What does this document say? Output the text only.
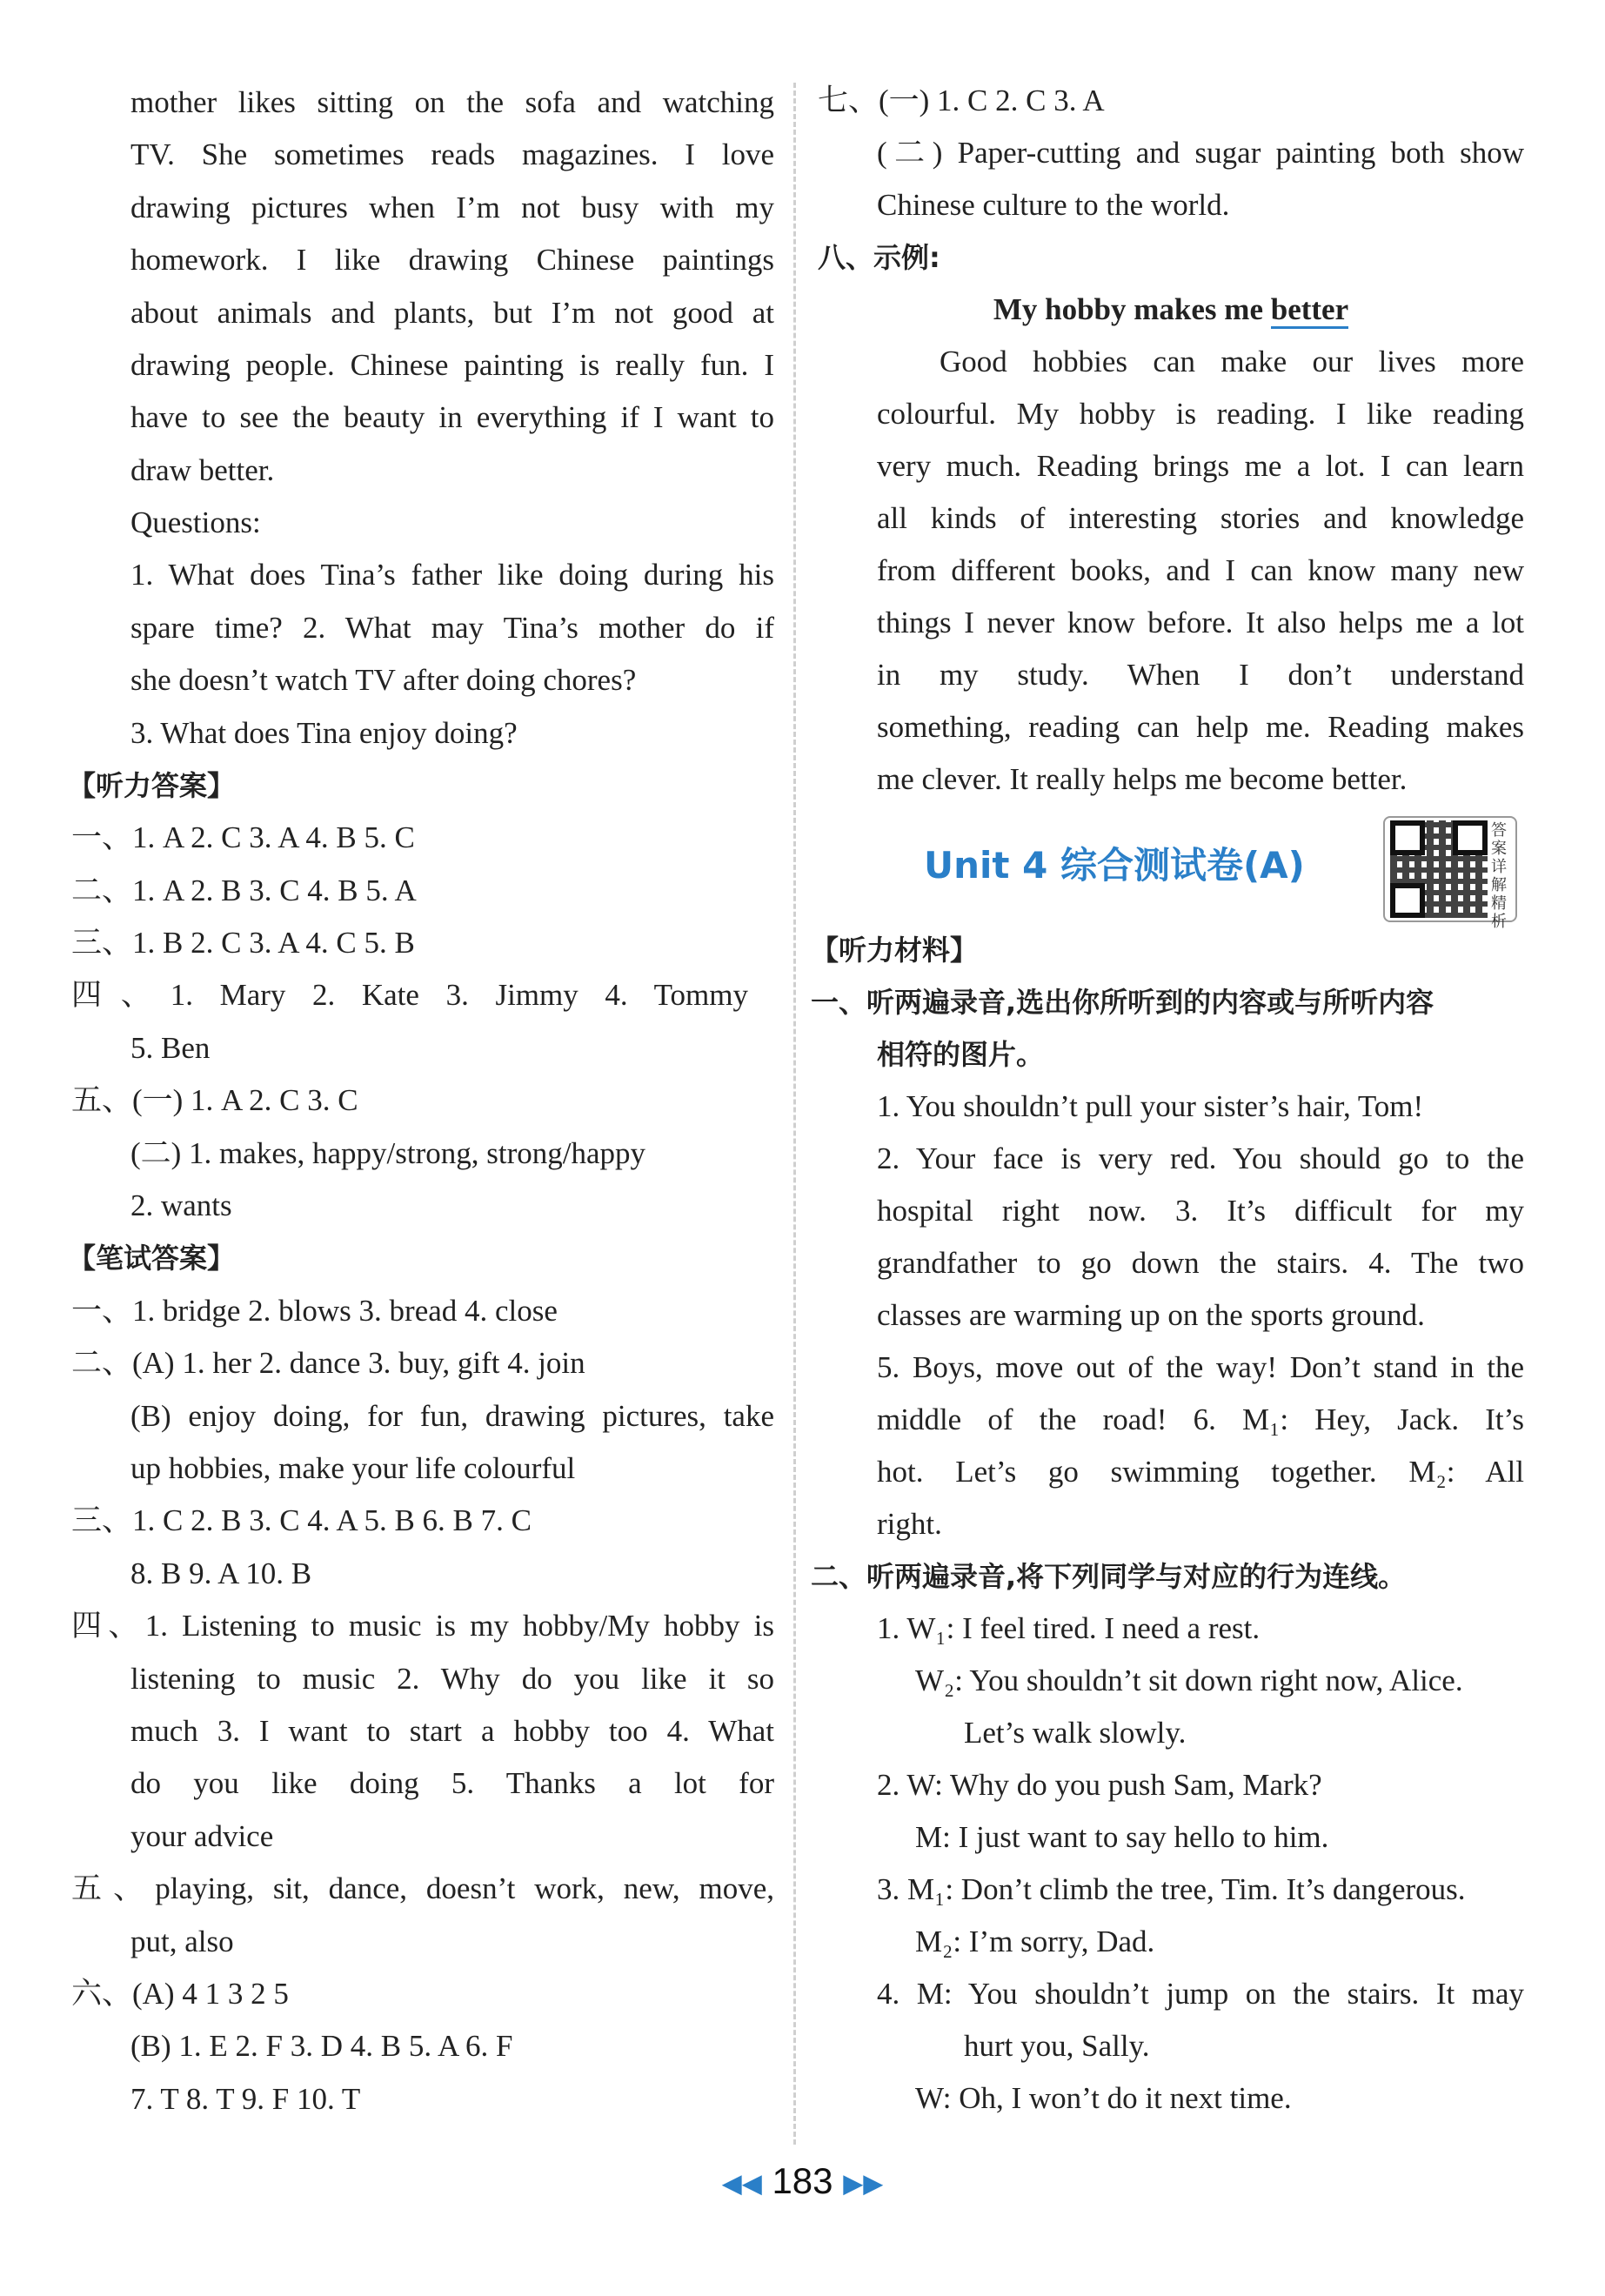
mother likes sitting on the sofa and watching
TV. She sometimes reads magazines. I love
drawing pictures when I’m not busy with my
homework. I like drawing Chinese paintings
about animals and plants, but I’m not good at
drawing people. Chinese painting is really fun. I
have to see the beauty in everything if I want to
draw better.
Questions:
1. What does Tina’s father like doing during his
spare time? 2. What may Tina’s mother do if
she doesn’t watch TV after doing chores?
3. What does Tina enjoy doing?
【听力答案】
一、1. A 2. C 3. A 4. B 5. C
二、1. A 2. B 3. C 4. B 5. A
三、1. B 2. C 3. A 4. C 5. B
四、1. Mary 2. Kate 3. Jimmy 4. Tommy
5. Ben
五、(一) 1. A 2. C 3. C
(二) 1. makes, happy/strong, strong/happy
2. wants
【笔试答案】
一、1. bridge 2. blows 3. bread 4. close
二、(A) 1. her 2. dance 3. buy, gift 4. join
(B) enjoy doing, for fun, drawing pictures, take
up hobbies, make your life colourful
三、1. C 2. B 3. C 4. A 5. B 6. B 7. C
8. B 9. A 10. B
四、1. Listening to music is my hobby/My hobby is
listening to music 2. Why do you like it so
much 3. I want to start a hobby too 4. What
do you like doing 5. Thanks a lot for
your advice
五、playing, sit, dance, doesn’t work, new, move,
put, also
六、(A) 4 1 3 2 5
(B) 1. E 2. F 3. D 4. B 5. A 6. F
7. T 8. T 9. F 10. T
七、(一) 1. C 2. C 3. A
(二) Paper-cutting and sugar painting both show
Chinese culture to the world.
八、示例:
My hobby makes me better
Good hobbies can make our lives more
colourful. My hobby is reading. I like reading
very much. Reading brings me a lot. I can learn
all kinds of interesting stories and knowledge
from different books, and I can know many new
things I never know before. It also helps me a lot
in my study. When I don’t understand
something, reading can help me. Reading makes
me clever. It really helps me become better.
Unit 4 综合测试卷(A)
答案详解精析
【听力材料】
一、听两遍录音,选出你所听到的内容或与所听内容
相符的图片。
1. You shouldn’t pull your sister’s hair, Tom!
2. Your face is very red. You should go to the
hospital right now. 3. It’s difficult for my
grandfather to go down the stairs. 4. The two
classes are warming up on the sports ground.
5. Boys, move out of the way! Don’t stand in the
middle of the road! 6. M₁: Hey, Jack. It’s
hot. Let’s go swimming together. M₂: All
right.
二、听两遍录音,将下列同学与对应的行为连线。
1. W₁: I feel tired. I need a rest.
W₂: You shouldn’t sit down right now, Alice.
Let’s walk slowly.
2. W: Why do you push Sam, Mark?
M: I just want to say hello to him.
3. M₁: Don’t climb the tree, Tim. It’s dangerous.
M₂: I’m sorry, Dad.
4. M: You shouldn’t jump on the stairs. It may
hurt you, Sally.
W: Oh, I won’t do it next time.
◀◀ 183 ▶▶
